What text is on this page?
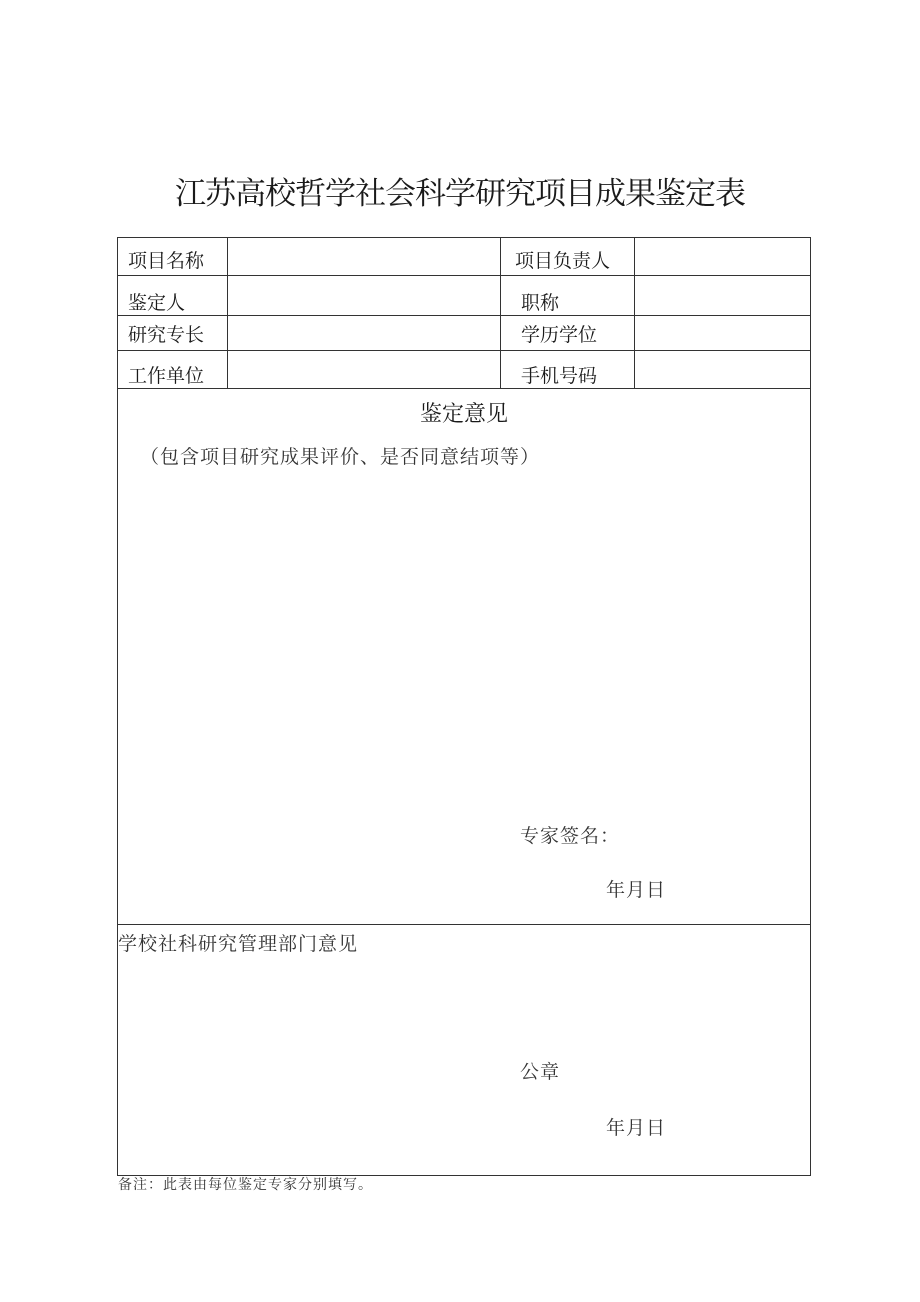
江苏高校哲学社会科学研究项目成果鉴定表
项目名称		项目负责人	

鉴定人		职称	

研究专长		学历学位	

工作单位		手机号码	

鉴定意见
（包含项目研究成果评价、是否同意结项等）
专家签名：
年月日			

学校社科研究管理部门意见
公章
年月日			
备注：此表由每位鉴定专家分别填写。
